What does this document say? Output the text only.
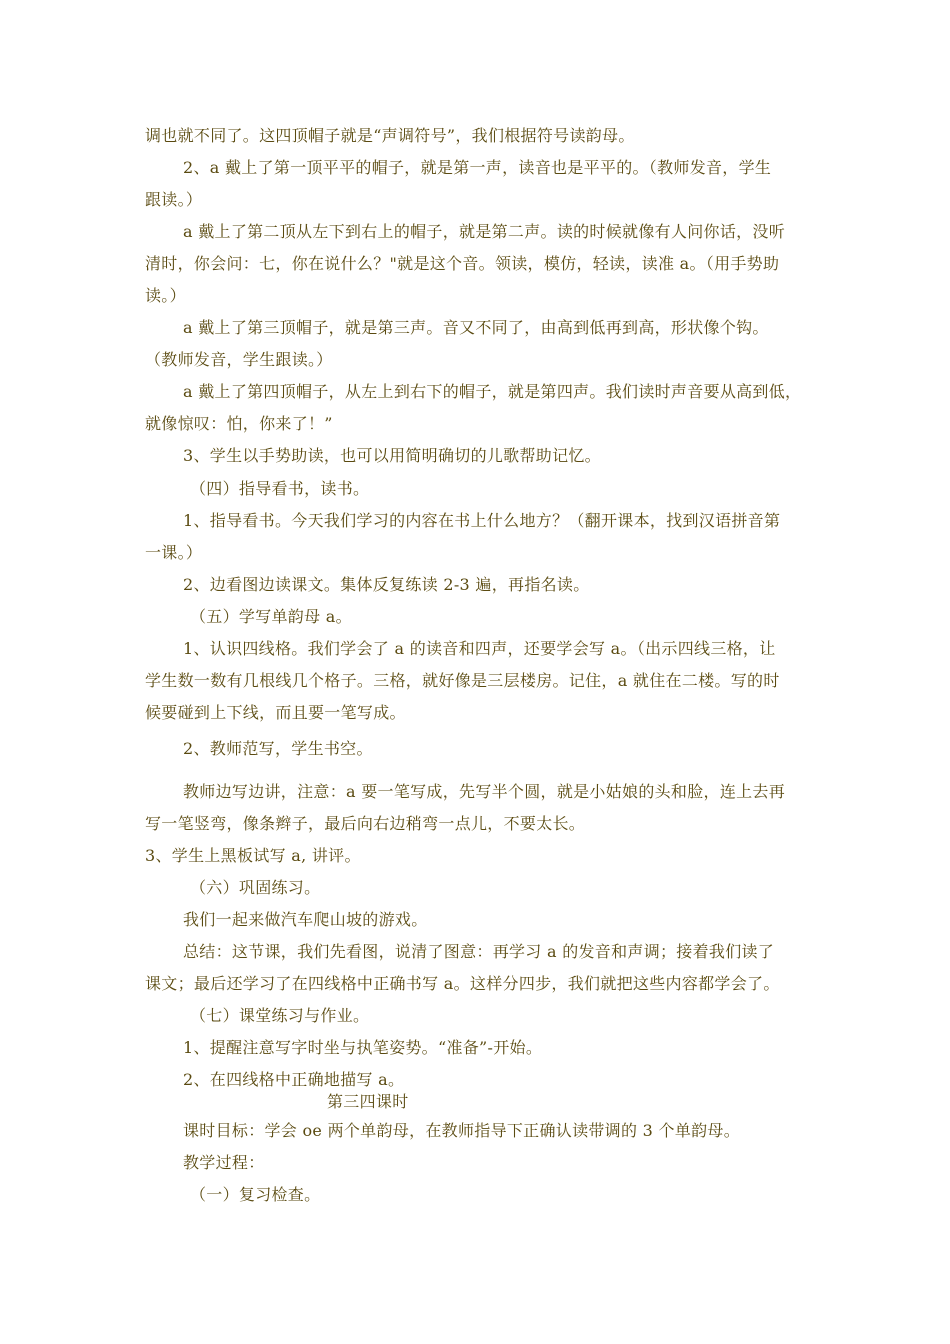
调也就不同了。这四顶帽子就是“声调符号”，我们根据符号读韵母。
2、a 戴上了第一顶平平的帽子，就是第一声，读音也是平平的。（教师发音，学生
跟读。）
a 戴上了第二顶从左下到右上的帽子，就是第二声。读的时候就像有人问你话，没听
清时，你会问：七，你在说什么？"就是这个音。领读，模仿，轻读，读准 a。（用手势助
读。）
a 戴上了第三顶帽子，就是第三声。音又不同了，由高到低再到高，形状像个钩。
（教师发音，学生跟读。）
a 戴上了第四顶帽子，从左上到右下的帽子，就是第四声。我们读时声音要从高到低，
就像惊叹：怕，你来了！”
3、学生以手势助读，也可以用简明确切的儿歌帮助记忆。
（四）指导看书，读书。
1、指导看书。今天我们学习的内容在书上什么地方？（翻开课本，找到汉语拼音第
一课。）
2、边看图边读课文。集体反复练读 2-3 遍，再指名读。
（五）学写单韵母 a。
1、认识四线格。我们学会了 a 的读音和四声，还要学会写 a。（出示四线三格，让
学生数一数有几根线几个格子。三格，就好像是三层楼房。记住，a 就住在二楼。写的时
候要碰到上下线，而且要一笔写成。
2、教师范写，学生书空。
教师边写边讲，注意：a 要一笔写成，先写半个圆，就是小姑娘的头和脸，连上去再
写一笔竖弯，像条辫子，最后向右边稍弯一点儿，不要太长。
3、学生上黑板试写 a, 讲评。
（六）巩固练习。
我们一起来做汽车爬山坡的游戏。
总结：这节课，我们先看图，说清了图意：再学习 a 的发音和声调；接着我们读了
课文；最后还学习了在四线格中正确书写 a。这样分四步，我们就把这些内容都学会了。
（七）课堂练习与作业。
1、提醒注意写字时坐与执笔姿势。“准备”-开始。
2、在四线格中正确地描写 a。
第三四课时
课时目标：学会 oe 两个单韵母，在教师指导下正确认读带调的 3 个单韵母。
教学过程：
（一）复习检查。
